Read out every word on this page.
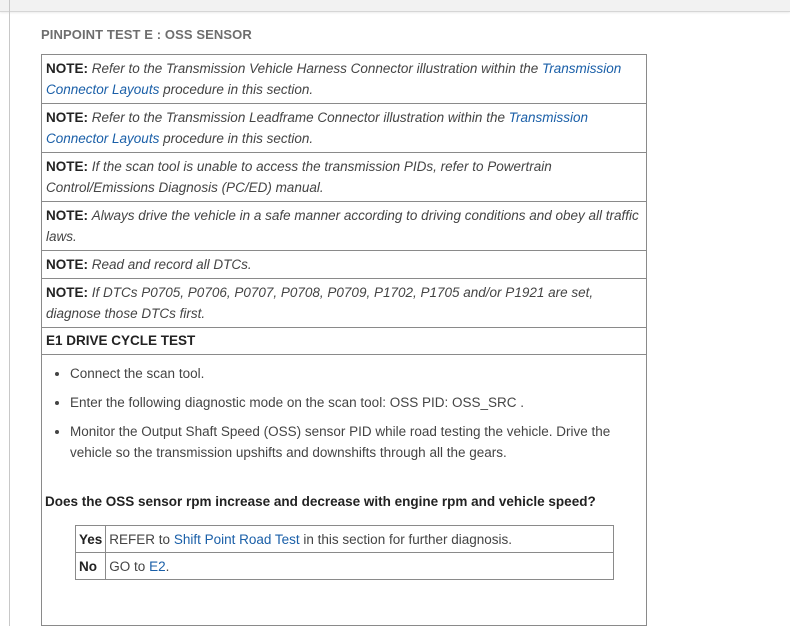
PINPOINT TEST E : OSS SENSOR
NOTE: Refer to the Transmission Vehicle Harness Connector illustration within the Transmission Connector Layouts procedure in this section.
NOTE: Refer to the Transmission Leadframe Connector illustration within the Transmission Connector Layouts procedure in this section.
NOTE: If the scan tool is unable to access the transmission PIDs, refer to Powertrain Control/Emissions Diagnosis (PC/ED) manual.
NOTE: Always drive the vehicle in a safe manner according to driving conditions and obey all traffic laws.
NOTE: Read and record all DTCs.
NOTE: If DTCs P0705, P0706, P0707, P0708, P0709, P1702, P1705 and/or P1921 are set, diagnose those DTCs first.
E1 DRIVE CYCLE TEST
• Connect the scan tool.
• Enter the following diagnostic mode on the scan tool: OSS PID: OSS_SRC .
• Monitor the Output Shaft Speed (OSS) sensor PID while road testing the vehicle. Drive the vehicle so the transmission upshifts and downshifts through all the gears.
Does the OSS sensor rpm increase and decrease with engine rpm and vehicle speed?
Yes	REFER to Shift Point Road Test in this section for further diagnosis.
No	GO to E2.
